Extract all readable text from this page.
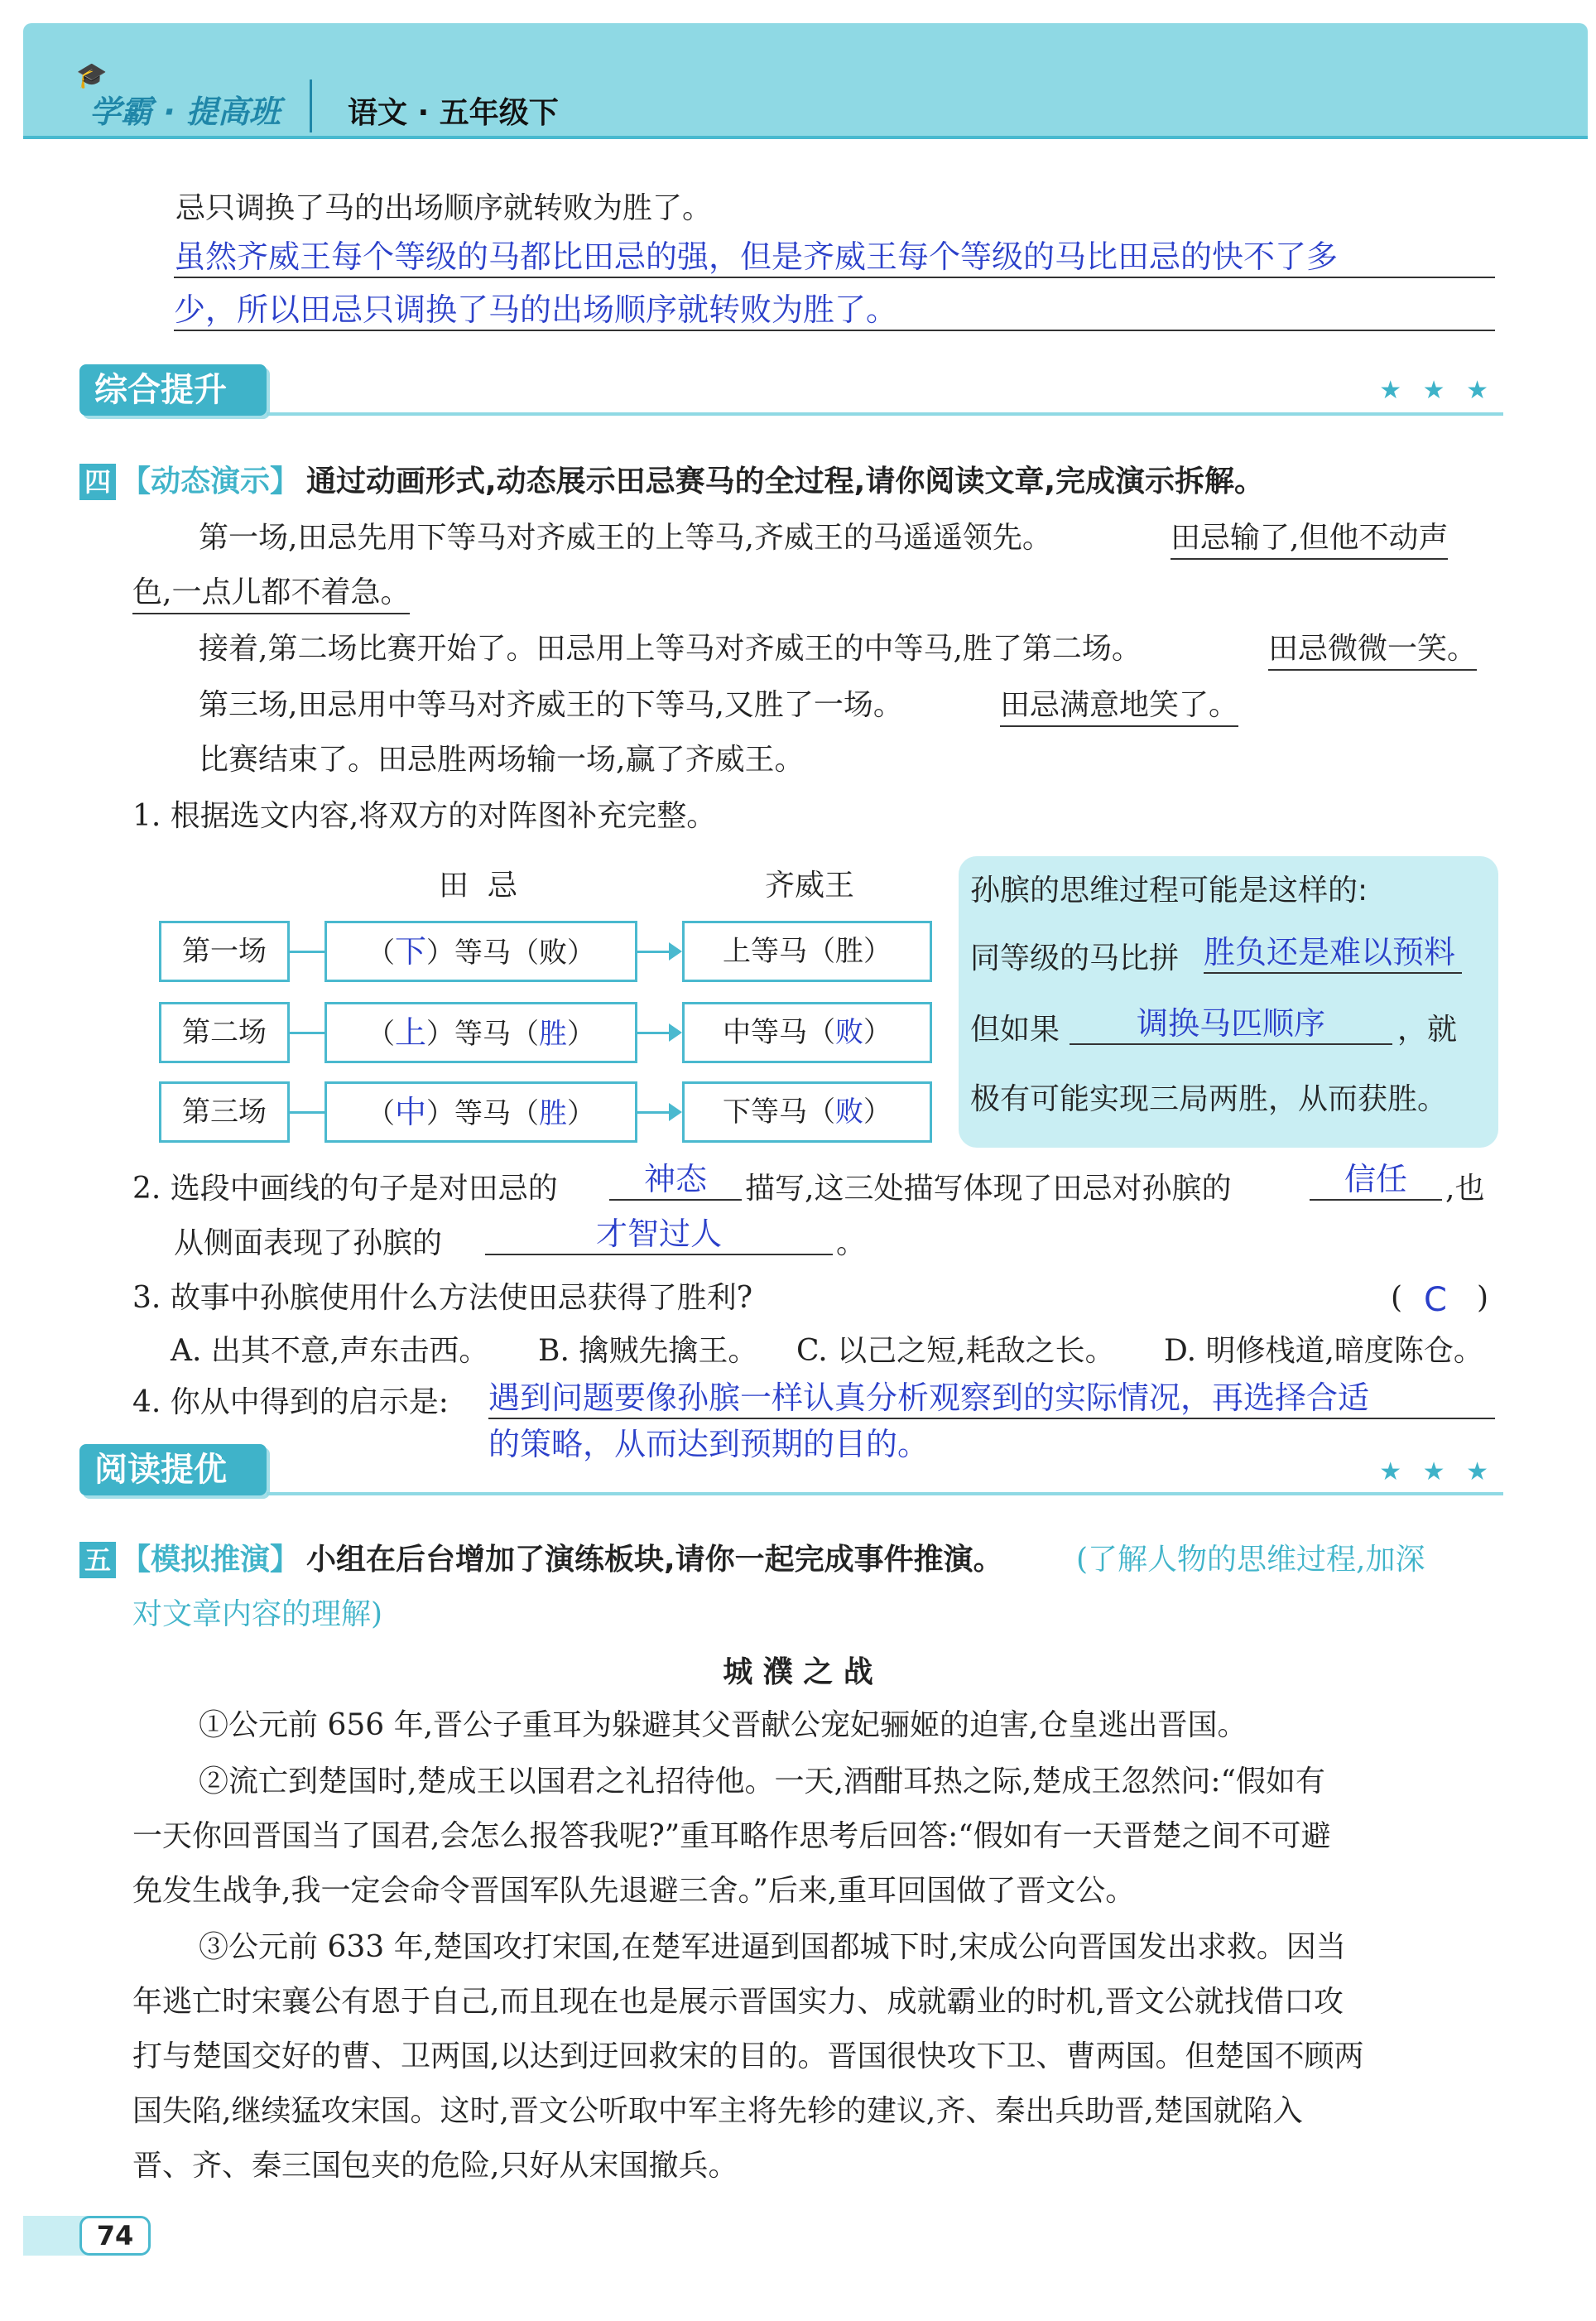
🎓
学霸 · 提高班 语文 · 五年级下
忌只调换了马的出场顺序就转败为胜了。
虽然齐威王每个等级的马都比田忌的强，但是齐威王每个等级的马比田忌的快不了多
少，所以田忌只调换了马的出场顺序就转败为胜了。
综合提升	★ ★ ★
四 【动态演示】 通过动画形式,动态展示田忌赛马的全过程,请你阅读文章,完成演示拆解。
第一场,田忌先用下等马对齐威王的上等马,齐威王的马遥遥领先。	田忌输了,但他不动声
色,一点儿都不着急。
接着,第二场比赛开始了。田忌用上等马对齐威王的中等马,胜了第二场。	田忌微微一笑。
第三场,田忌用中等马对齐威王的下等马,又胜了一场。	田忌满意地笑了。
比赛结束了。田忌胜两场输一场,赢了齐威王。
1. 根据选文内容,将双方的对阵图补充完整。
田  忌	齐威王
第一场	（下）等马（败）	上等马（胜）
第二场	（上）等马（胜）	中等马（败）
第三场	（中）等马（胜）	下等马（败）
孙膑的思维过程可能是这样的:
同等级的马比拼 胜负还是难以预料
但如果	调换马匹顺序	，就
极有可能实现三局两胜，从而获胜。
2. 选段中画线的句子是对田忌的	神态	描写,这三处描写体现了田忌对孙膑的	信任	,也
从侧面表现了孙膑的	才智过人	。
3. 故事中孙膑使用什么方法使田忌获得了胜利?	( C )
A. 出其不意,声东击西。 B. 擒贼先擒王。 C. 以己之短,耗敌之长。 D. 明修栈道,暗度陈仓。
4. 你从中得到的启示是: 遇到问题要像孙膑一样认真分析观察到的实际情况，再选择合适
的策略，从而达到预期的目的。
阅读提优	★ ★ ★
五 【模拟推演】 小组在后台增加了演练板块,请你一起完成事件推演。 (了解人物的思维过程,加深
对文章内容的理解)
城 濮 之 战
①公元前 656 年,晋公子重耳为躲避其父晋献公宠妃骊姬的迫害,仓皇逃出晋国。
②流亡到楚国时,楚成王以国君之礼招待他。一天,酒酣耳热之际,楚成王忽然问:“假如有
一天你回晋国当了国君,会怎么报答我呢?”重耳略作思考后回答:“假如有一天晋楚之间不可避
免发生战争,我一定会命令晋国军队先退避三舍。”后来,重耳回国做了晋文公。
③公元前 633 年,楚国攻打宋国,在楚军进逼到国都城下时,宋成公向晋国发出求救。因当
年逃亡时宋襄公有恩于自己,而且现在也是展示晋国实力、成就霸业的时机,晋文公就找借口攻
打与楚国交好的曹、卫两国,以达到迂回救宋的目的。晋国很快攻下卫、曹两国。但楚国不顾两
国失陷,继续猛攻宋国。这时,晋文公听取中军主将先轸的建议,齐、秦出兵助晋,楚国就陷入
晋、齐、秦三国包夹的危险,只好从宋国撤兵。
74
